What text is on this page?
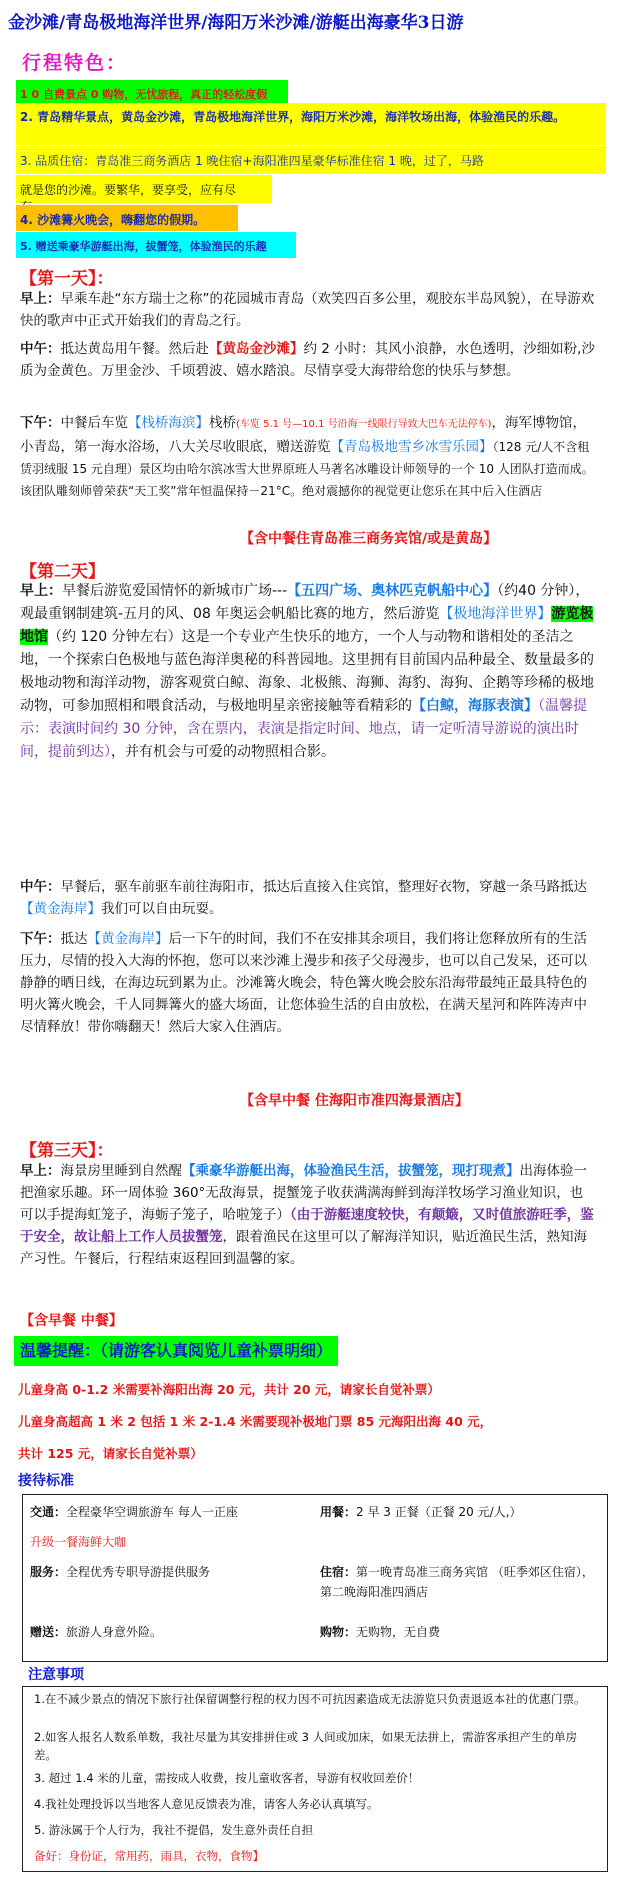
金沙滩/青岛极地海洋世界/海阳万米沙滩/游艇出海豪华3日游
行程特色：
1 0 自费景点 0 购物，无忧旅程，真正的轻松度假
2. 青岛精华景点，黄岛金沙滩，青岛极地海洋世界，海阳万米沙滩，海洋牧场出海，体验渔民的乐趣。
3. 品质住宿：青岛准三商务酒店 1 晚住宿+海阳准四星豪华标准住宿 1 晚，过了，马路
就是您的沙滩。要繁华，要享受，应有尽
4. 沙滩篝火晚会，嗨翻您的假期。
5. 赠送乘豪华游艇出海，拔蟹笼，体验渔民的乐趣
【第一天】：
早上：早乘车赴“东方瑞士之称”的花园城市青岛（欢笑四百多公里，观胶东半岛风貌），在导游欢快的歌声中正式开始我们的青岛之行。
中午：抵达黄岛用午餐。然后赴【黄岛金沙滩】约 2 小时：其风小浪静，水色透明，沙细如粉,沙质为金黄色。万里金沙、千顷碧波、嬉水踏浪。尽情享受大海带给您的快乐与梦想。
下午：中餐后车览【栈桥海滨】栈桥(车览 5.1 号—10.1 号沿海一线限行导致大巴车无法停车)，海军博物馆，小青岛，第一海水浴场，八大关尽收眼底，赠送游览【青岛极地雪乡冰雪乐园】（128 元/人不含租赁羽绒服 15 元自理）景区均由哈尔滨冰雪大世界原班人马著名冰雕设计师领导的一个 10 人团队打造而成。该团队雕刻师曾荣获“天工奖”常年恒温保持－21°C。绝对震撼你的视觉更让您乐在其中后入住酒店
【含中餐住青岛准三商务宾馆/或是黄岛】
【第二天】
早上：早餐后游览爱国情怀的新城市广场---【五四广场、奥林匹克帆船中心】（约40 分钟），观最重钢制建筑-五月的风、08 年奥运会帆船比赛的地方，然后游览【极地海洋世界】游览极地馆（约 120 分钟左右）这是一个专业产生快乐的地方，一个人与动物和谐相处的圣洁之地，一个探索白色极地与蓝色海洋奥秘的科普园地。这里拥有目前国内品种最全、数量最多的极地动物和海洋动物，游客观赏白鲸、海象、北极熊、海狮、海豹、海狗、企鹅等珍稀的极地动物，可参加照相和喂食活动，与极地明星亲密接触等看精彩的【白鲸，海豚表演】（温馨提示：表演时间约 30 分钟，含在票内，表演是指定时间、地点，请一定听清导游说的演出时间，提前到达），并有机会与可爱的动物照相合影。
中午：早餐后，驱车前驱车前往海阳市，抵达后直接入住宾馆，整理好衣物，穿越一条马路抵达【黄金海岸】我们可以自由玩耍。
下午：抵达【黄金海岸】后一下午的时间，我们不在安排其余项目，我们将让您释放所有的生活压力，尽情的投入大海的怀抱，您可以来沙滩上漫步和孩子父母漫步，也可以自己发呆，还可以静静的晒日线，在海边玩到累为止。沙滩篝火晚会，特色篝火晚会胶东沿海带最纯正最具特色的明火篝火晚会，千人同舞篝火的盛大场面，让您体验生活的自由放松，在满天星河和阵阵涛声中尽情释放！带你嗨翻天！然后大家入住酒店。
【含早中餐 住海阳市准四海景酒店】
【第三天】：
早上：海景房里睡到自然醒【乘豪华游艇出海，体验渔民生活，拔蟹笼，现打现煮】出海体验一把渔家乐趣。环一周体验 360°无敌海景，提蟹笼子收获满满海鲜到海洋牧场学习渔业知识，也可以手提海虹笼子，海蛎子笼子，哈啦笼子）（由于游艇速度较快，有颠簸，又时值旅游旺季，鉴于安全，故让船上工作人员拔蟹笼，跟着渔民在这里可以了解海洋知识，贴近渔民生活，熟知海产习性。午餐后，行程结束返程回到温馨的家。
【含早餐 中餐】
温馨提醒：（请游客认真阅览儿童补票明细）
儿童身高 0-1.2 米需要补海阳出海 20 元，共计 20 元，请家长自觉补票）
儿童身高超高 1 米 2 包括 1 米 2-1.4 米需要现补极地门票 85 元海阳出海 40 元，
共计 125 元，请家长自觉补票）
接待标准
交通：全程豪华空调旅游车 每人一正座	用餐：2 早 3 正餐（正餐 20 元/人,）
升级一餐海鲜大咖
服务：全程优秀专职导游提供服务	住宿：第一晚青岛准三商务宾馆 （旺季郊区住宿），第二晚海阳准四酒店
赠送：旅游人身意外险。	购物：无购物，无自费
注意事项
1.在不减少景点的情况下旅行社保留调整行程的权力因不可抗因素造成无法游览只负责退返本社的优惠门票。
2.如客人报名人数系单数，我社尽量为其安排拼住或 3 人间或加床，如果无法拼上，需游客承担产生的单房差。
3. 超过 1.4 米的儿童，需按成人收费，按儿童收客者，导游有权收回差价！
4.我社处理投诉以当地客人意见反馈表为准，请客人务必认真填写。
5. 游泳属于个人行为，我社不提倡，发生意外责任自担
备好：身份证，常用药，雨具，衣物，食物】
